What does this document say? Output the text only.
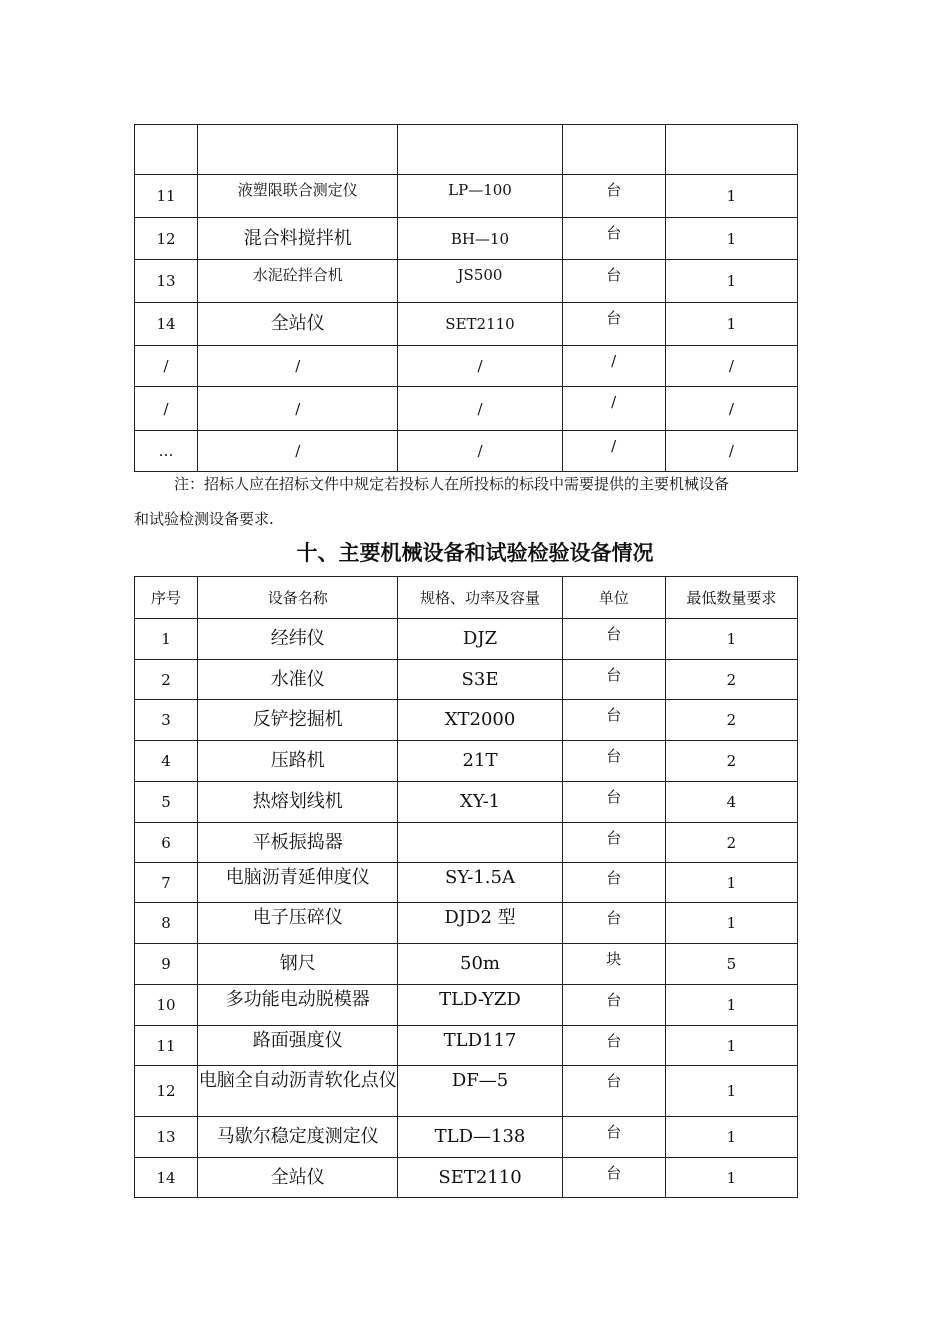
11	液塑限联合测定仪	LP—100	台	1
12	混合料搅拌机	BH—10	台	1
13	水泥砼拌合机	JS500	台	1
14	全站仪	SET2110	台	1
/	/	/	/	/
/	/	/	/	/
…	/	/	/	/
注：招标人应在招标文件中规定若投标人在所投标的标段中需要提供的主要机械设备
和试验检测设备要求.
十、主要机械设备和试验检验设备情况
序号	设备名称	规格、功率及容量	单位	最低数量要求
1	经纬仪	DJZ	台	1
2	水准仪	S3E	台	2
3	反铲挖掘机	XT2000	台	2
4	压路机	21T	台	2
5	热熔划线机	XY-1	台	4
6	平板振捣器		台	2
7	电脑沥青延伸度仪	SY-1.5A	台	1
8	电子压碎仪	DJD2 型	台	1
9	钢尺	50m	块	5
10	多功能电动脱模器	TLD-YZD	台	1
11	路面强度仪	TLD117	台	1
12	电脑全自动沥青软化点仪	DF—5	台	1
13	马歇尔稳定度测定仪	TLD—138	台	1
14	全站仪	SET2110	台	1
